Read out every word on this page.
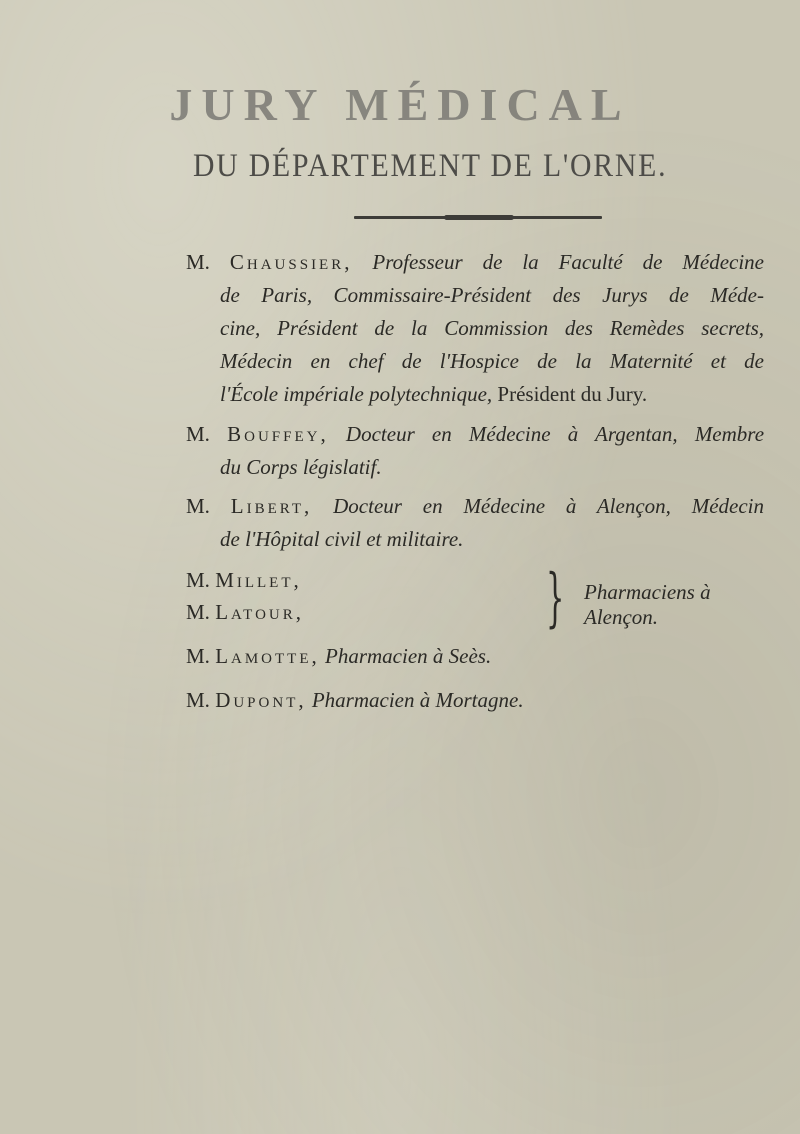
JURY MÉDICAL
DU DÉPARTEMENT DE L'ORNE.
M. Chaussier, Professeur de la Faculté de Médecine
de Paris, Commissaire-Président des Jurys de Méde-
cine, Président de la Commission des Remèdes secrets,
Médecin en chef de l'Hospice de la Maternité et de
l'École impériale polytechnique, Président du Jury.
M. Bouffey, Docteur en Médecine à Argentan, Membre
du Corps législatif.
M. Libert, Docteur en Médecine à Alençon, Médecin
de l'Hôpital civil et militaire.
M. Millet,
M. Latour,	} Pharmaciens à Alençon.
M. Lamotte, Pharmacien à Seès.
M. Dupont, Pharmacien à Mortagne.
